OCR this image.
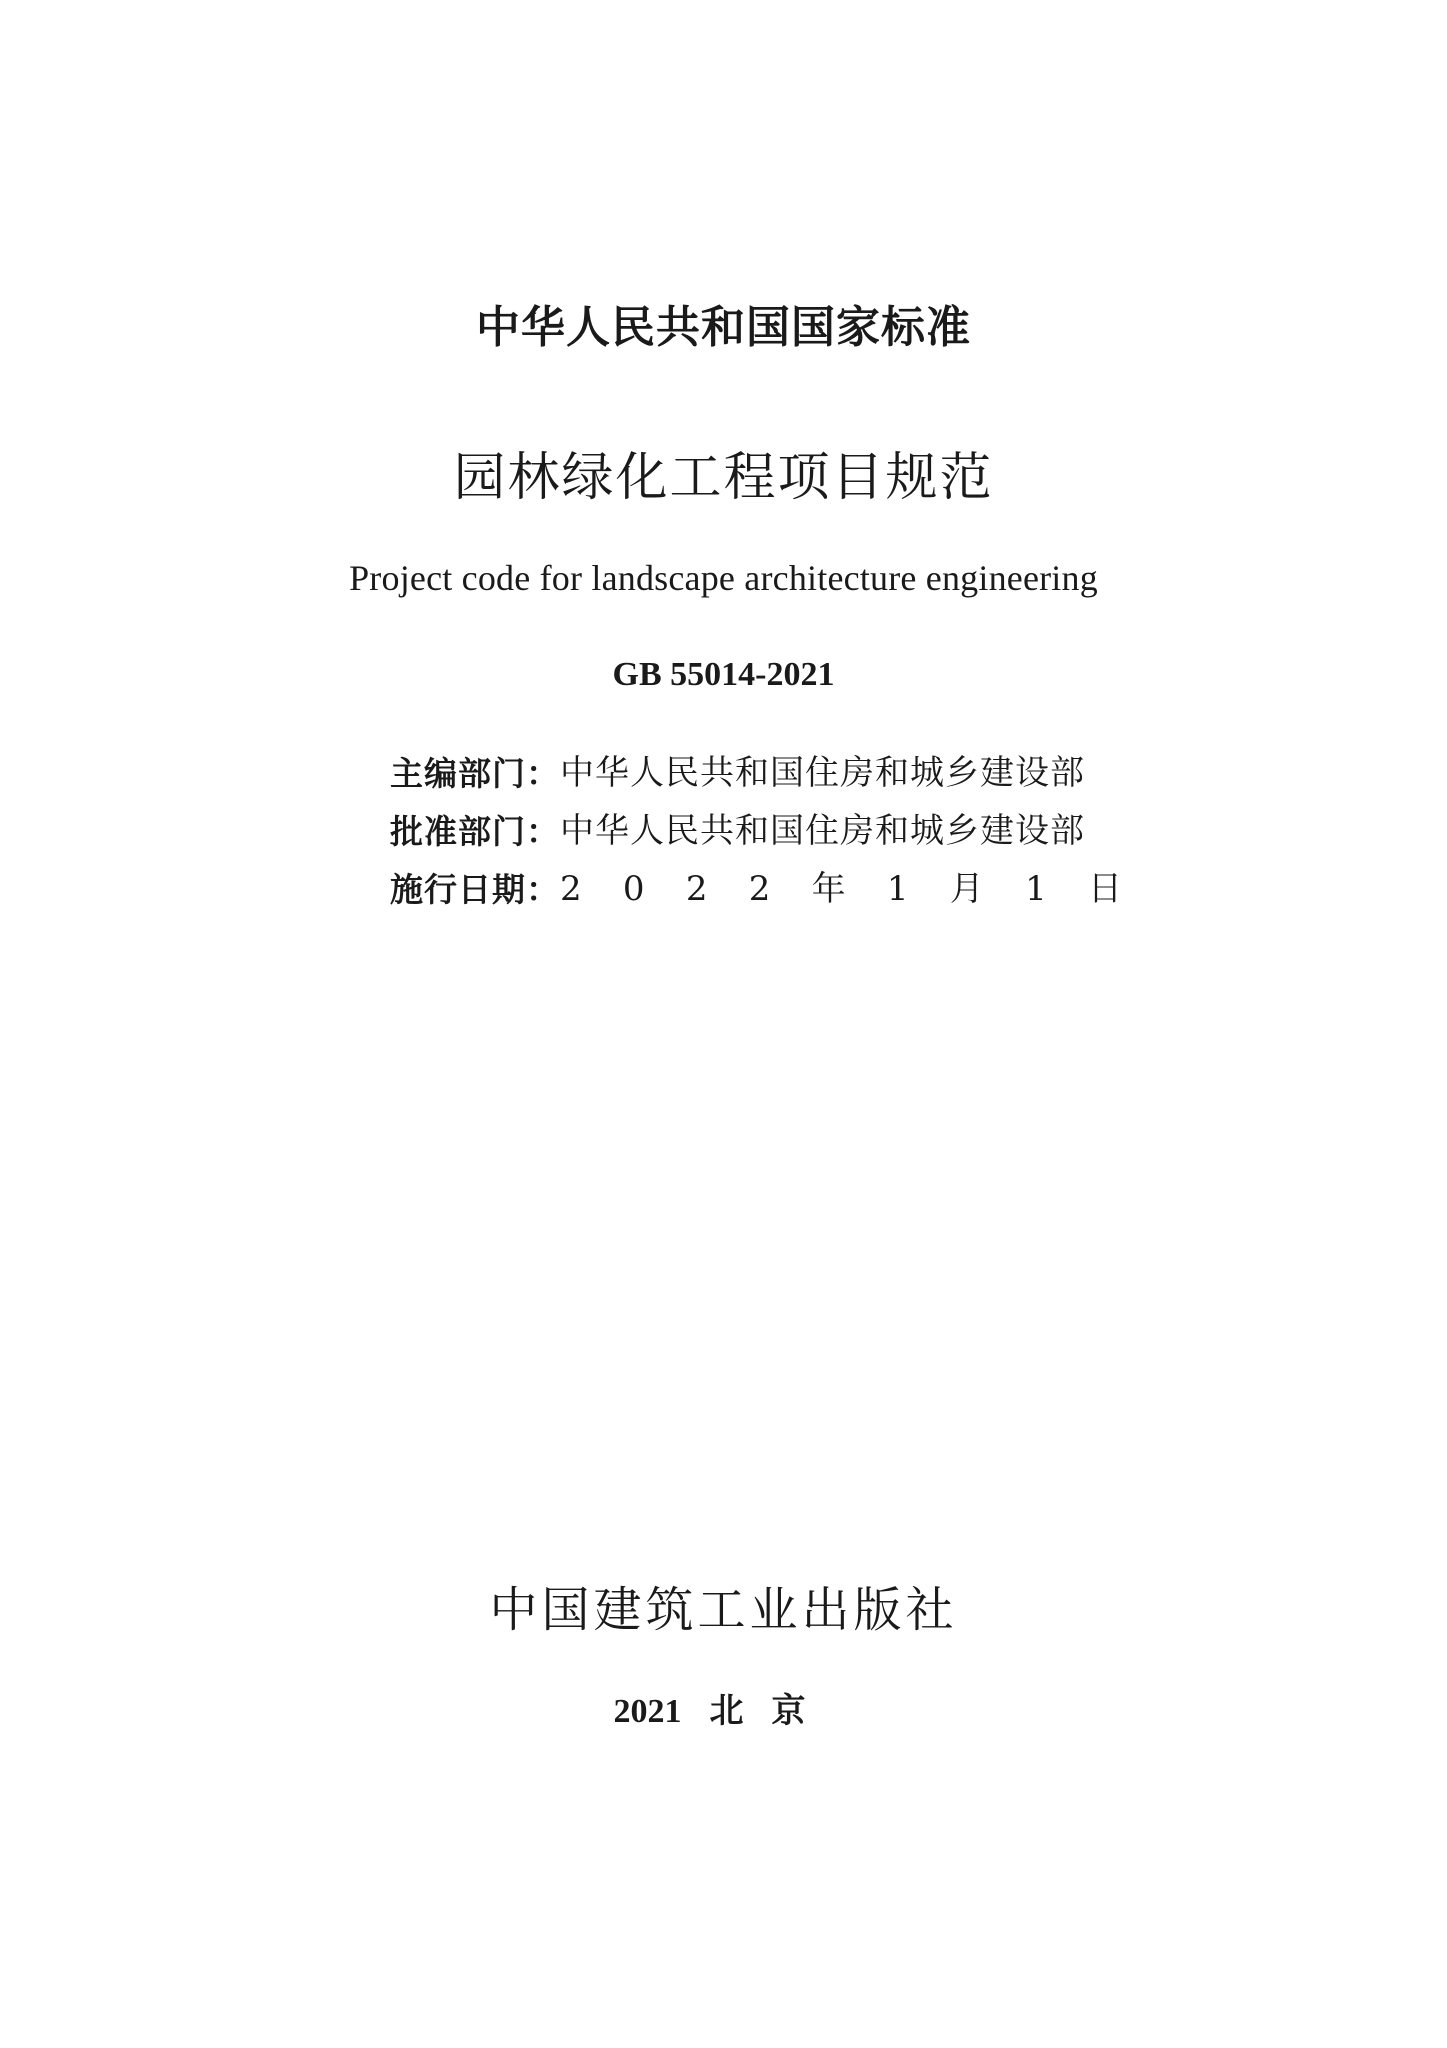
中华人民共和国国家标准
园林绿化工程项目规范
Project code for landscape architecture engineering
GB 55014-2021
主编部门： 中华人民共和国住房和城乡建设部
批准部门： 中华人民共和国住房和城乡建设部
施行日期： 2 0 2 2 年 1 月 1 日
中国建筑工业出版社
2021 北京
